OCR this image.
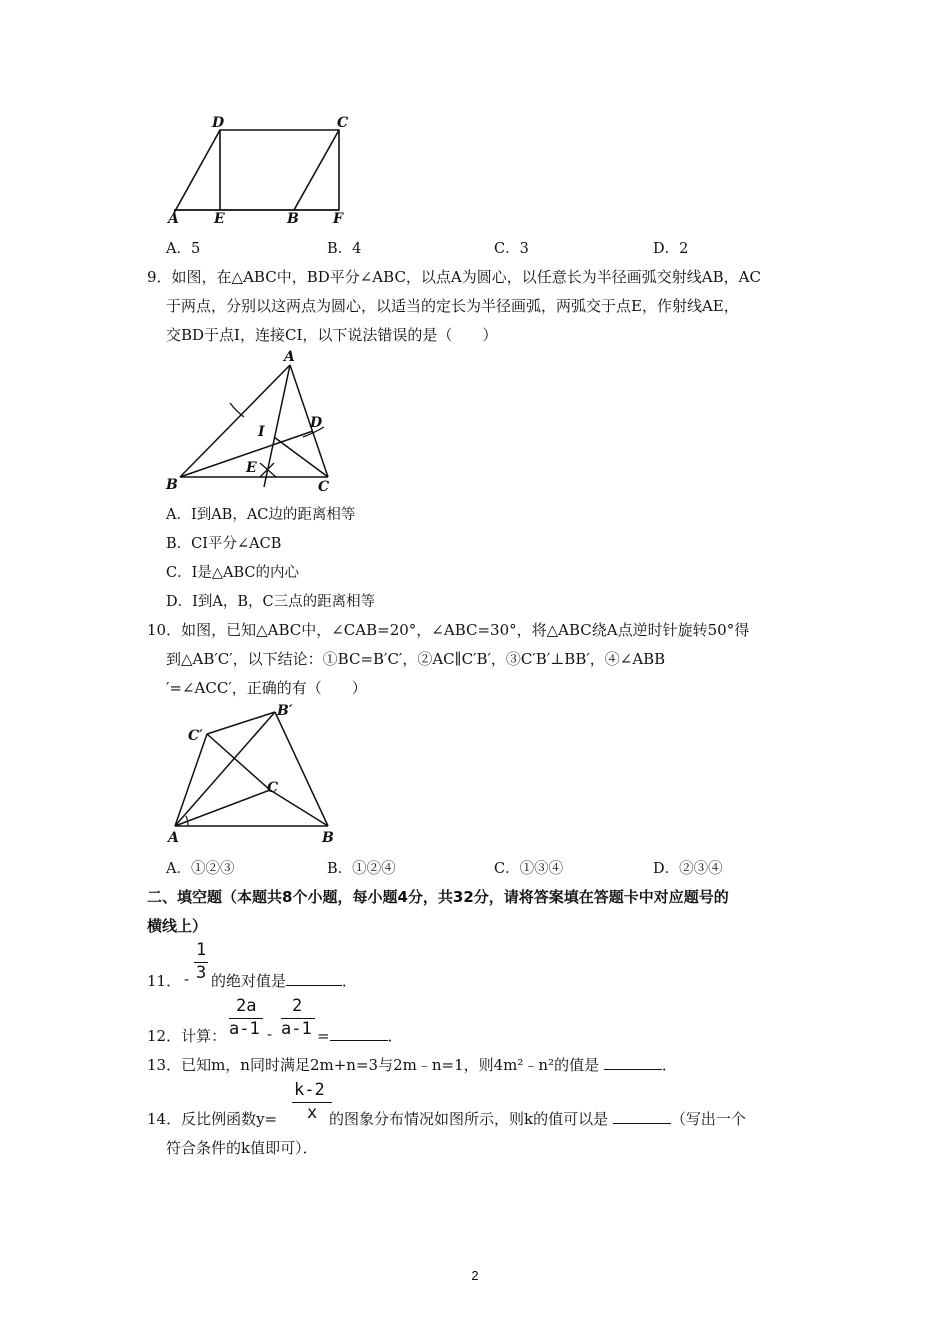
D	C
A	E	B F
A．5	B．4	C．3	D．2
9．如图，在△ABC中，BD平分∠ABC，以点A为圆心，以任意长为半径画弧交射线AB，AC
于两点，分别以这两点为圆心，以适当的定长为半径画弧，两弧交于点E，作射线AE，
交BD于点I，连接CI，以下说法错误的是（　　）
A
D
I
E
B	C
A．I到AB，AC边的距离相等
B．CI平分∠ACB
C．I是△ABC的内心
D．I到A，B，C三点的距离相等
10．如图，已知△ABC中，∠CAB=20°，∠ABC=30°，将△ABC绕A点逆时针旋转50°得
到△AB′C′，以下结论：①BC=B′C′，②AC∥C′B′，③C′B′⊥BB′，④∠ABB
′=∠ACC′，正确的有（　　）
B′
C′
C
A	B
A．①②③	B．①②④	C．①③④	D．②③④
二、填空题（本题共8个小题，每小题4分，共32分，请将答案填在答题卡中对应题号的
横线上）
1
3
11． - 的绝对值是	．
2a
a-1
2
a-1
12．计算：	-	=	．
13．已知m，n同时满足2m+n=3与2m﹣n=1，则4m²﹣n²的值是	．
k-2
x
14．反比例函数y=	的图象分布情况如图所示，则k的值可以是	（写出一个
符合条件的k值即可）．
2
